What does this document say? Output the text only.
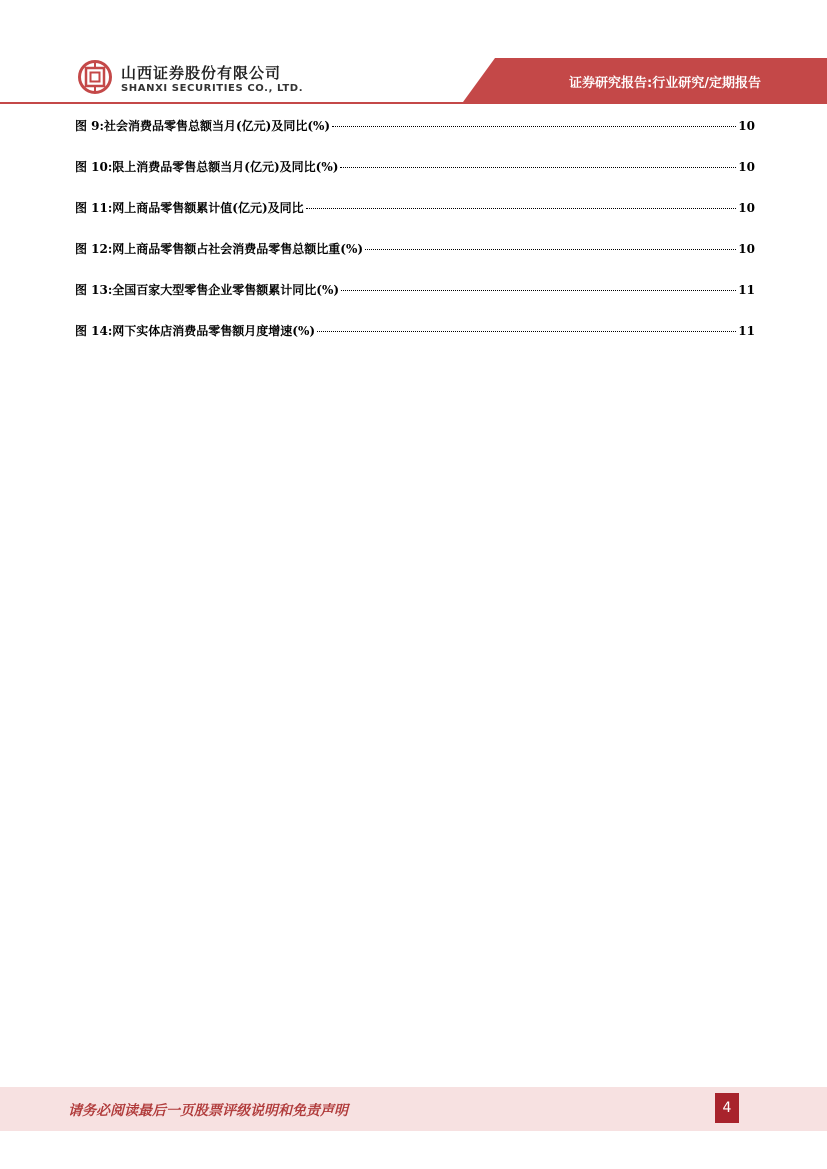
山西证券股份有限公司
SHANXI SECURITIES CO., LTD.	证券研究报告:行业研究/定期报告
图 9:社会消费品零售总额当月(亿元)及同比(%)	10
图 10:限上消费品零售总额当月(亿元)及同比(%)	10
图 11:网上商品零售额累计值(亿元)及同比	10
图 12:网上商品零售额占社会消费品零售总额比重(%)	10
图 13:全国百家大型零售企业零售额累计同比(%)	11
图 14:网下实体店消费品零售额月度增速(%)	11
请务必阅读最后一页股票评级说明和免责声明	4
